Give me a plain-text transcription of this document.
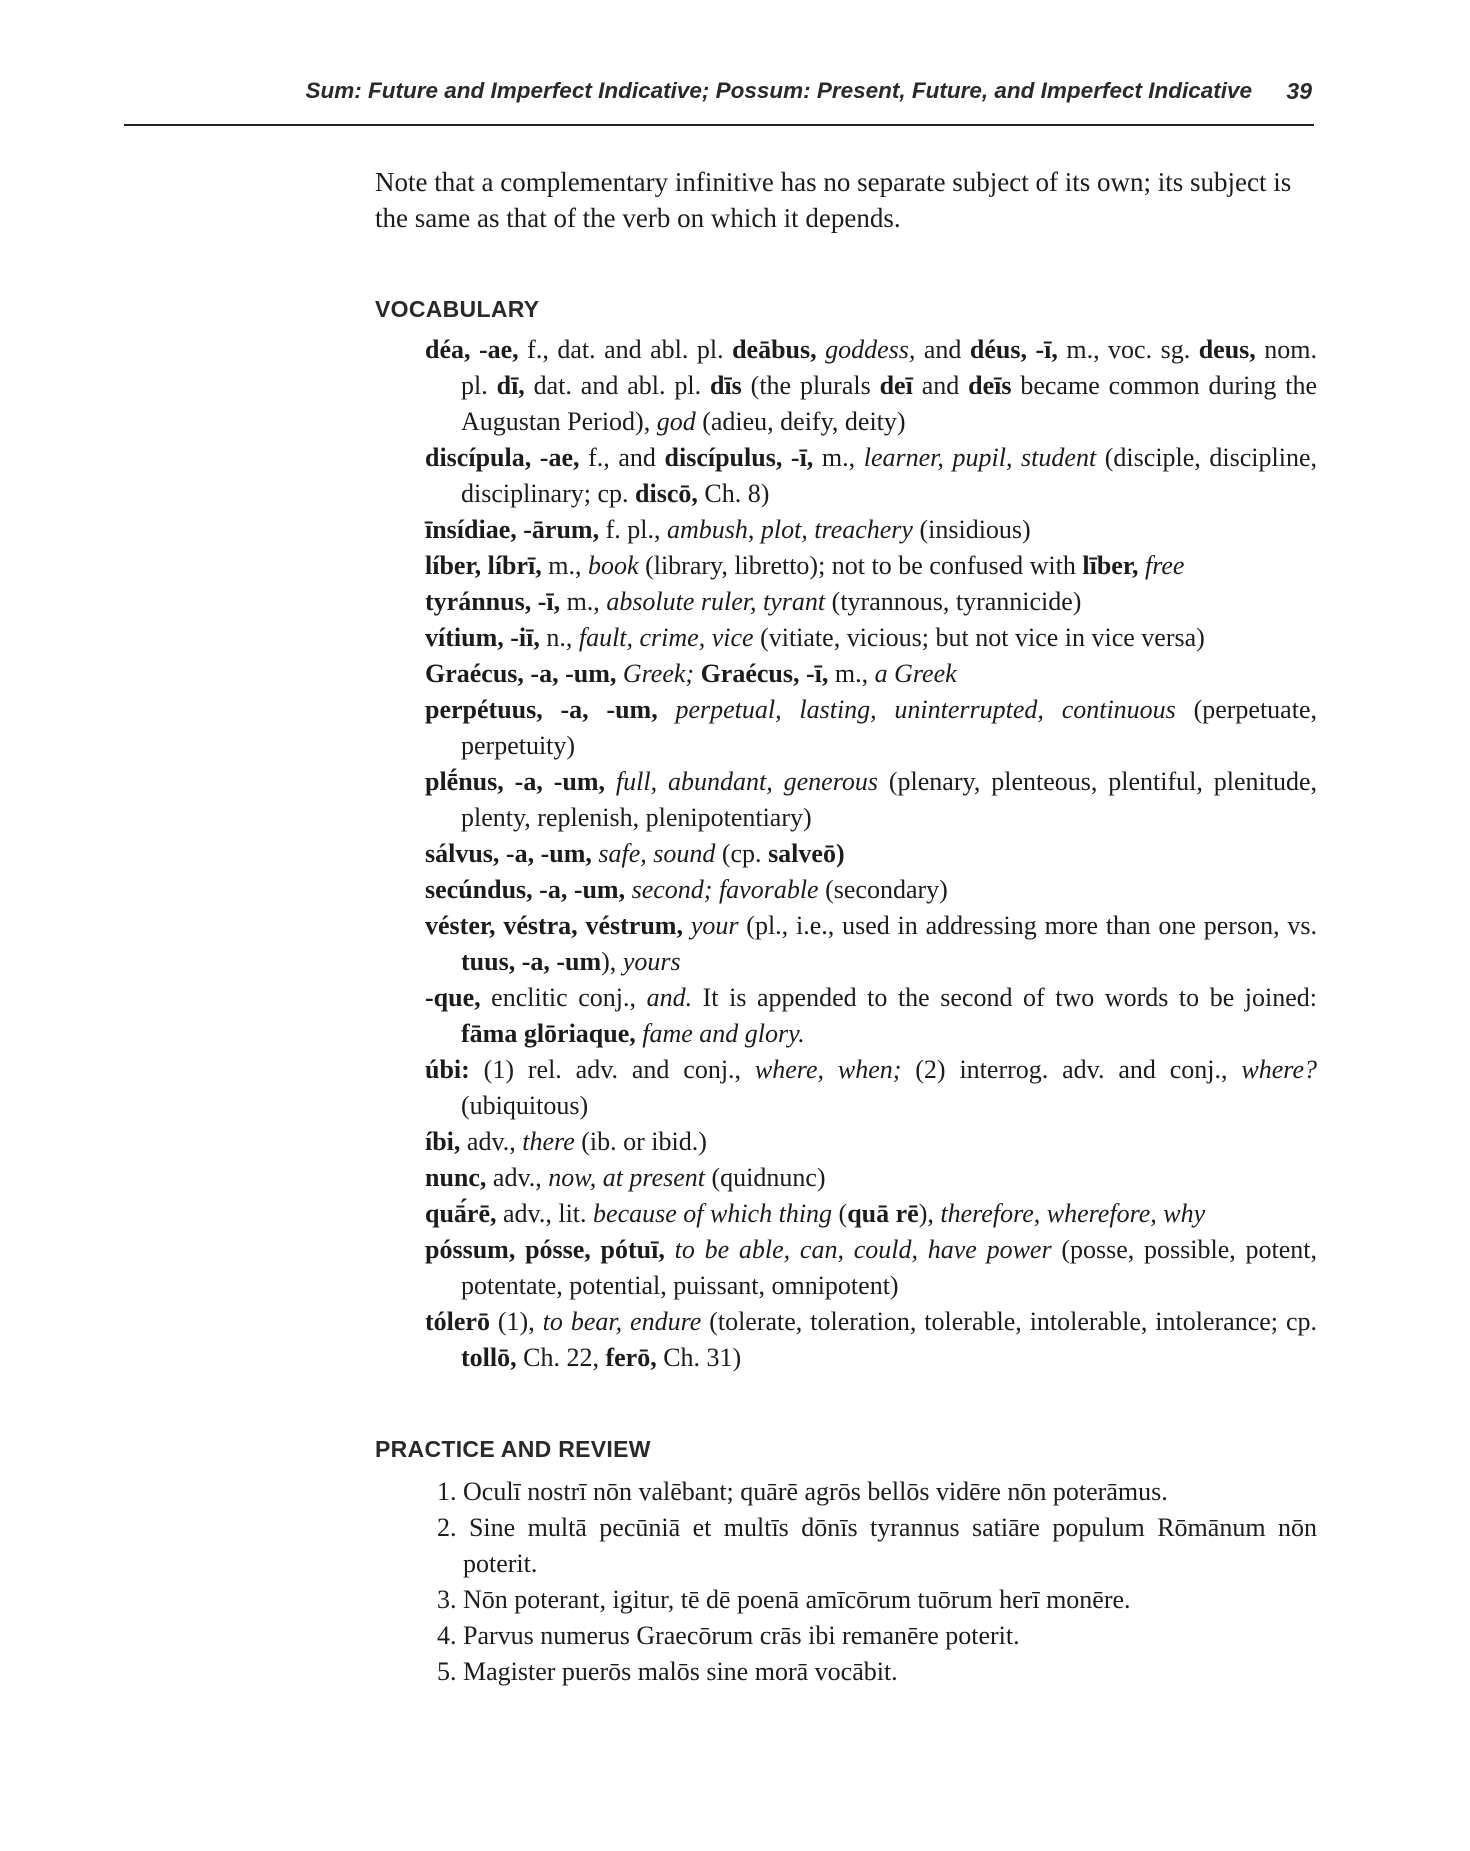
Sum: Future and Imperfect Indicative; Possum: Present, Future, and Imperfect Indicative 39

Note that a complementary infinitive has no separate subject of its own; its subject is the same as that of the verb on which it depends.

VOCABULARY
déa, -ae, f., dat. and abl. pl. deābus, goddess, and déus, -ī, m., voc. sg. deus, nom. pl. dī, dat. and abl. pl. dīs (the plurals deī and deīs became common during the Augustan Period), god (adieu, deify, deity)
discípula, -ae, f., and discípulus, -ī, m., learner, pupil, student (disciple, discipline, disciplinary; cp. discō, Ch. 8)
īnsídiae, -ārum, f. pl., ambush, plot, treachery (insidious)
líber, líbrī, m., book (library, libretto); not to be confused with līber, free
tyránnus, -ī, m., absolute ruler, tyrant (tyrannous, tyrannicide)
vítium, -iī, n., fault, crime, vice (vitiate, vicious; but not vice in vice versa)
Graécus, -a, -um, Greek; Graécus, -ī, m., a Greek
perpétuus, -a, -um, perpetual, lasting, uninterrupted, continuous (perpetuate, perpetuity)
plḗnus, -a, -um, full, abundant, generous (plenary, plenteous, plentiful, plenitude, plenty, replenish, plenipotentiary)
sálvus, -a, -um, safe, sound (cp. salveō)
secúndus, -a, -um, second; favorable (secondary)
véster, véstra, véstrum, your (pl., i.e., used in addressing more than one person, vs. tuus, -a, -um), yours
-que, enclitic conj., and. It is appended to the second of two words to be joined: fāma glōriaque, fame and glory.
úbi: (1) rel. adv. and conj., where, when; (2) interrog. adv. and conj., where? (ubiquitous)
íbi, adv., there (ib. or ibid.)
nunc, adv., now, at present (quidnunc)
quā́rē, adv., lit. because of which thing (quā rē), therefore, wherefore, why
póssum, pósse, pótuī, to be able, can, could, have power (posse, possible, potent, potentate, potential, puissant, omnipotent)
tólerō (1), to bear, endure (tolerate, toleration, tolerable, intolerable, intolerance; cp. tollō, Ch. 22, ferō, Ch. 31)
PRACTICE AND REVIEW
1. Oculī nostrī nōn valēbant; quārē agrōs bellōs vidēre nōn poterāmus.
2. Sine multā pecūniā et multīs dōnīs tyrannus satiāre populum Rōmānum nōn poterit.
3. Nōn poterant, igitur, tē dē poenā amīcōrum tuōrum herī monēre.
4. Parvus numerus Graecōrum crās ibi remanēre poterit.
5. Magister puerōs malōs sine morā vocābit.
